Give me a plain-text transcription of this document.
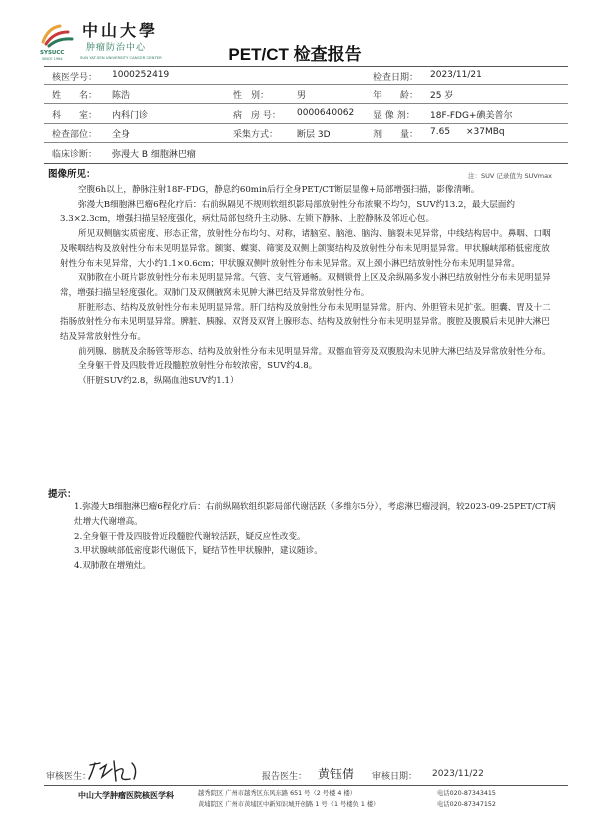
中山大學
肿瘤防治中心
SYSUCC
SINCE 1964	SUN YAT-SEN UNIVERSITY CANCER CENTER	PET/CT 检查报告
核医学号： 1000252419	检查日期： 2023/11/21
姓　　名： 陈浩	性　别：	男	年　　龄： 25 岁
科　　室： 内科门诊	病　房 号： 0000640062 显 像 剂： 18F-FDG+碘美普尔
检查部位： 全身	采集方式： 断层 3D	剂　　量： 7.65 ×37MBq
临床诊断： 弥漫大 B 细胞淋巴瘤
图像所见：	注：SUV 记录值为 SUVmax

空腹6h以上，静脉注射18F-FDG，静息约60min后行全身PET/CT断层显像+局部增强扫描，影像清晰。

弥漫大B细胞淋巴瘤6程化疗后：右前纵隔见不规则软组织影局部放射性分布浓聚不均匀，SUV约13.2，最大层面约3.3×2.3cm，增强扫描呈轻度强化，病灶局部包绕升主动脉、左锁下静脉、上腔静脉及邻近心包。

所见双侧脑实质密度、形态正常，放射性分布均匀、对称，诸脑室、脑池、脑沟、脑裂未见异常，中线结构居中。鼻咽、口咽及喉咽结构及放射性分布未见明显异常。额窦、蝶窦、筛窦及双侧上颌窦结构及放射性分布未见明显异常。甲状腺峡部稍低密度放射性分布未见异常，大小约1.1×0.6cm；甲状腺双侧叶放射性分布未见异常。双上颈小淋巴结放射性分布未见明显异常。

双肺散在小斑片影放射性分布未见明显异常。气管、支气管通畅。双侧锁骨上区及余纵隔多发小淋巴结放射性分布未见明显异常，增强扫描呈轻度强化。双肺门及双侧腋窝未见肿大淋巴结及异常放射性分布。

肝脏形态、结构及放射性分布未见明显异常。肝门结构及放射性分布未见明显异常。肝内、外胆管未见扩张。胆囊、胃及十二指肠放射性分布未见明显异常。脾脏、胰腺、双肾及双肾上腺形态、结构及放射性分布未见明显异常。腹腔及腹膜后未见肿大淋巴结及异常放射性分布。

前列腺、膀胱及余肠管等形态、结构及放射性分布未见明显异常。双髂血管旁及双腹股沟未见肿大淋巴结及异常放射性分布。

全身躯干骨及四肢骨近段髓腔放射性分布较浓密，SUV约4.8。

（肝脏SUV约2.8，纵隔血池SUV约1.1）

提示：

1.弥漫大B细胞淋巴瘤6程化疗后：右前纵隔软组织影局部代谢活跃（多维尔5分），考虑淋巴瘤浸润，较2023-09-25PET/CT病灶增大代谢增高。

2.全身躯干骨及四肢骨近段髓腔代谢较活跃，疑反应性改变。

3.甲状腺峡部低密度影代谢低下，疑结节性甲状腺肿，建议随诊。

4.双肺散在增殖灶。

审核医生：	报告医生： 黄钰倩 审核日期： 2023/11/22
中山大学肿瘤医院核医学科	越秀院区 广州市越秀区东风东路 651 号（2 号楼 4 楼）
黄埔院区 广州市黄埔区中新知识城开创路 1 号（1 号楼负 1 楼）
电话020-87343415
电话020-87347152
